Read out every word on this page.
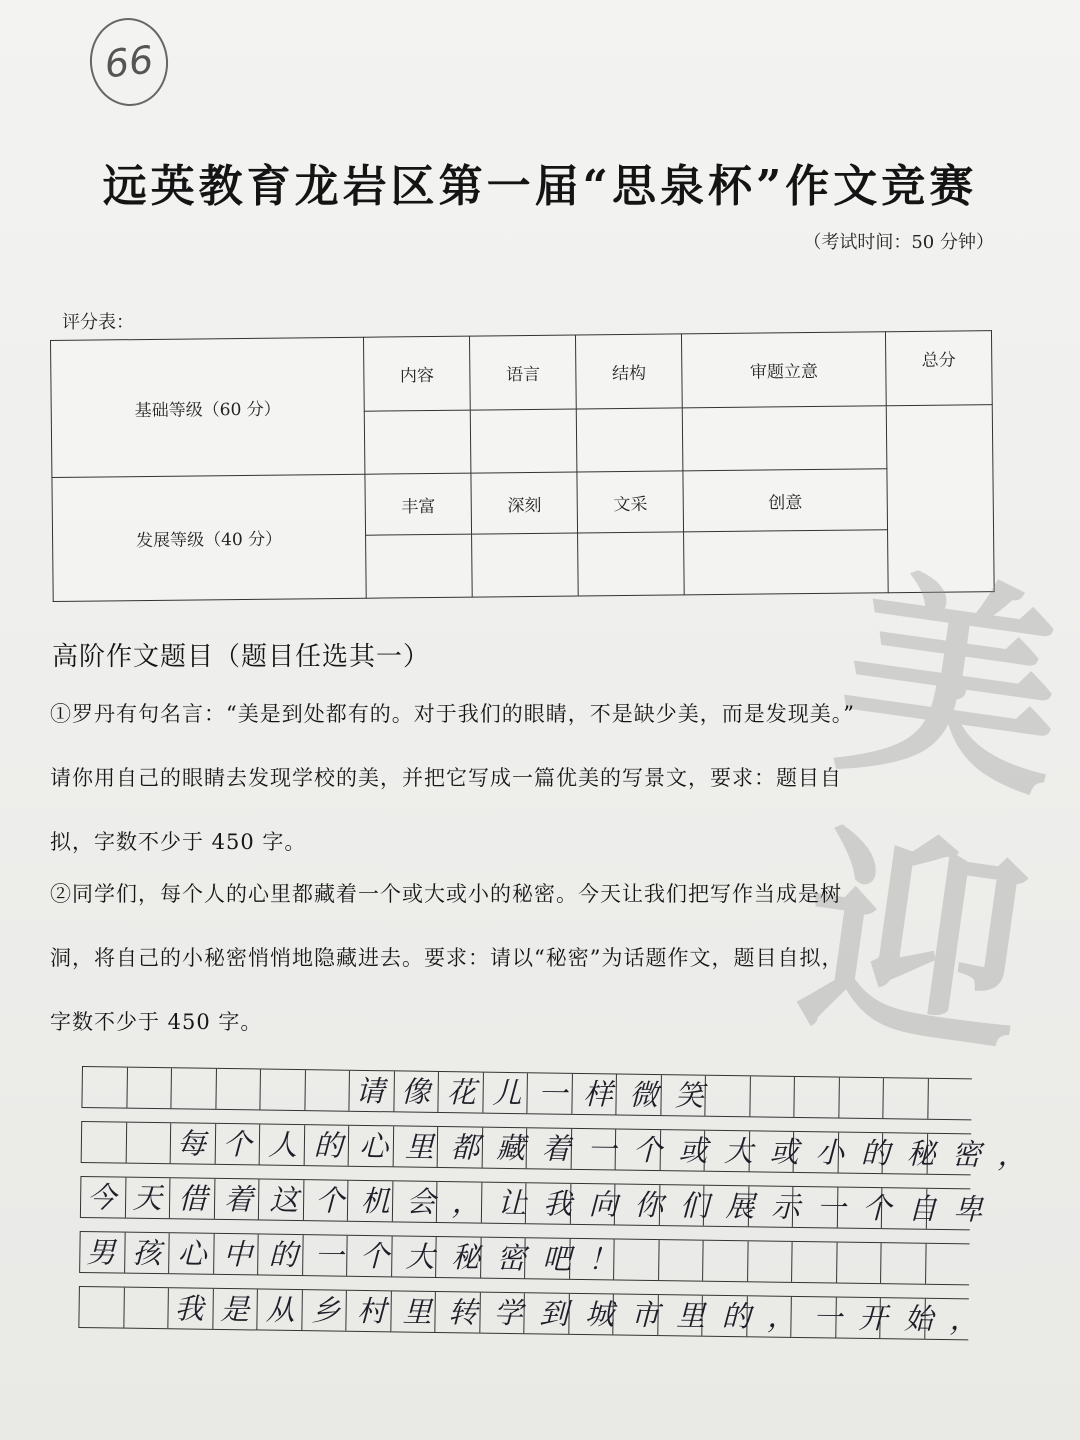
66
远英教育龙岩区第一届“思泉杯”作文竞赛
（考试时间：50 分钟）
评分表：
基础等级（60 分）	内容	语言	结构	审题立意	总分

发展等级（40 分）	丰富	深刻	文采	创意	

美
迎
高阶作文题目（题目任选其一）
①罗丹有句名言：“美是到处都有的。对于我们的眼睛，不是缺少美，而是发现美。”
请你用自己的眼睛去发现学校的美，并把它写成一篇优美的写景文，要求：题目自
拟，字数不少于 450 字。
②同学们，每个人的心里都藏着一个或大或小的秘密。今天让我们把写作当成是树
洞，将自己的小秘密悄悄地隐藏进去。要求：请以“秘密”为话题作文，题目自拟，
字数不少于 450 字。
请像花儿一样微笑
每个人的心里都藏着一个或大或小的秘密，
今天借着这个机会，让我向你们展示一个自卑
男孩心中的一个大秘密吧！
我是从乡村里转学到城市里的，一开始，
